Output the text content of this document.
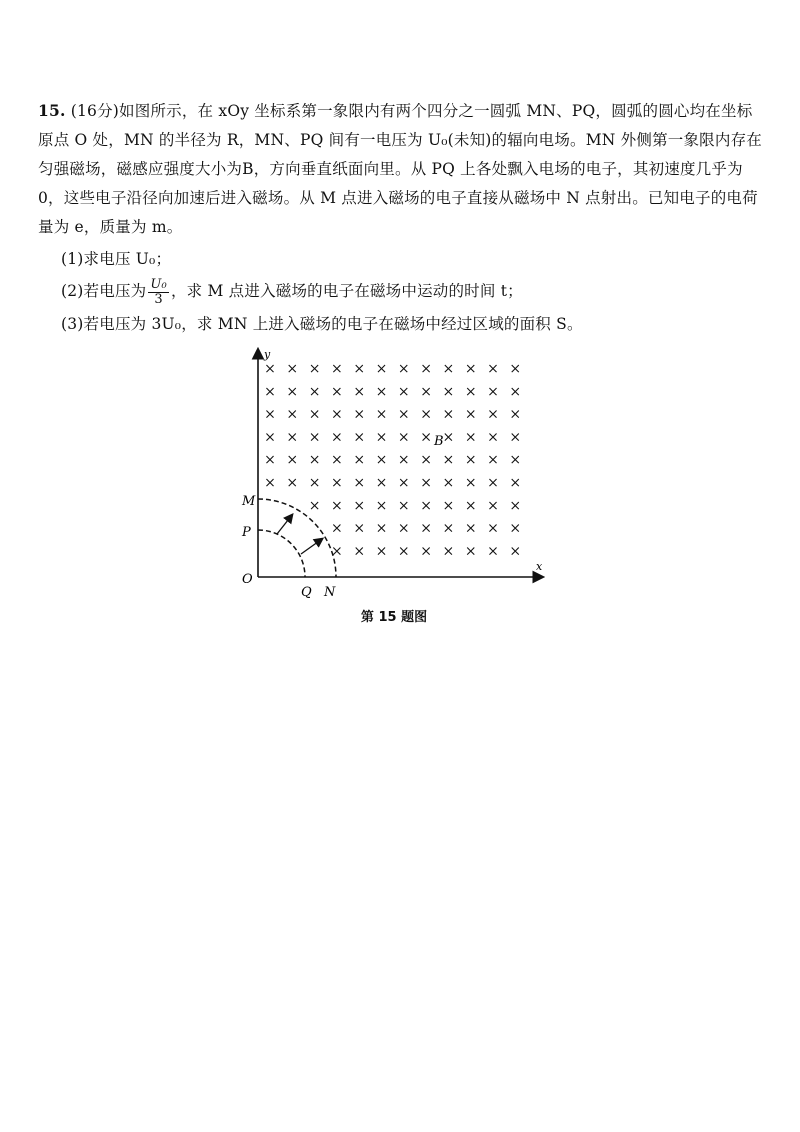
15. (16分)如图所示，在 xOy 坐标系第一象限内有两个四分之一圆弧 MN、PQ，圆弧的圆心均在坐标原点 O 处，MN 的半径为 R，MN、PQ 间有一电压为 U₀(未知)的辐向电场。MN 外侧第一象限内存在匀强磁场，磁感应强度大小为B，方向垂直纸面向里。从 PQ 上各处飘入电场的电子，其初速度几乎为0，这些电子沿径向加速后进入磁场。从 M 点进入磁场的电子直接从磁场中 N 点射出。已知电子的电荷量为 e，质量为 m。

(1)求电压 U₀；

(2)若电压为 $\frac{\text{U₀}}{3}$ ，求 M 点进入磁场的电子在磁场中运动的时间 t；

(3)若电压为 3U₀，求 MN 上进入磁场的电子在磁场中经过区域的面积 S。

× × × × × × × × × × × ×
× × × × × × × × × × × ×
× × × × × × × × × × × ×
× × × × × × × × × × × ×
× × × × × × × × × × × ×
× × × × × × × × × × × ×
× × × × × × × × × ×
× × × × × × × × ×
× × × × × × × × ×
y
x
O
M
P
Q N
B
第 15 题图
